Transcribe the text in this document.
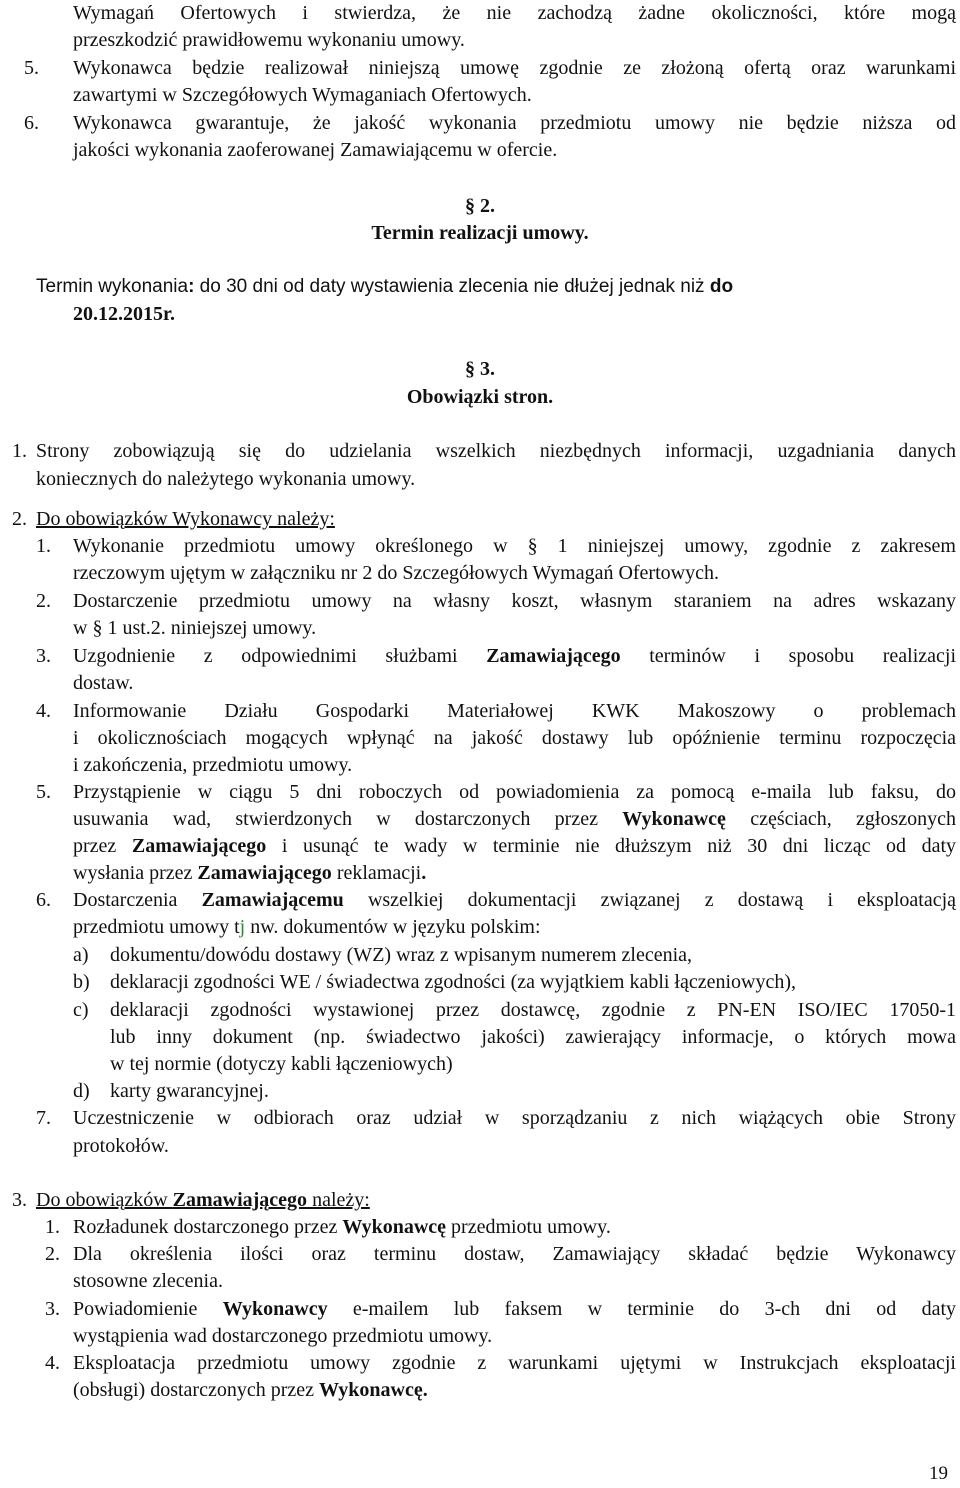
Wymagań Ofertowych i stwierdza, że nie zachodzą żadne okoliczności, które mogą
przeszkodzić prawidłowemu wykonaniu umowy.
5. Wykonawca będzie realizował niniejszą umowę zgodnie ze złożoną ofertą oraz warunkami
zawartymi w Szczegółowych Wymaganiach Ofertowych.
6. Wykonawca gwarantuje, że jakość wykonania przedmiotu umowy nie będzie niższa od
jakości wykonania zaoferowanej Zamawiającemu w ofercie.
§ 2.
Termin realizacji umowy.
Termin wykonania: do 30 dni od daty wystawienia zlecenia nie dłużej jednak niż do
20.12.2015r.
§ 3.
Obowiązki stron.
1. Strony zobowiązują się do udzielania wszelkich niezbędnych informacji, uzgadniania danych
koniecznych do należytego wykonania umowy.
2. Do obowiązków Wykonawcy należy:
1. Wykonanie przedmiotu umowy określonego w § 1 niniejszej umowy, zgodnie z zakresem
rzeczowym ujętym w załączniku nr 2 do Szczegółowych Wymagań Ofertowych.
2. Dostarczenie przedmiotu umowy na własny koszt, własnym staraniem na adres wskazany
w § 1 ust.2. niniejszej umowy.
3. Uzgodnienie z odpowiednimi służbami Zamawiającego terminów i sposobu realizacji
dostaw.
4. Informowanie Działu Gospodarki Materiałowej KWK Makoszowy o problemach
i okolicznościach mogących wpłynąć na jakość dostawy lub opóźnienie terminu rozpoczęcia
i zakończenia, przedmiotu umowy.
5. Przystąpienie w ciągu 5 dni roboczych od powiadomienia za pomocą e-maila lub faksu, do
usuwania wad, stwierdzonych w dostarczonych przez Wykonawcę częściach, zgłoszonych
przez Zamawiającego i usunąć te wady w terminie nie dłuższym niż 30 dni licząc od daty
wysłania przez Zamawiającego reklamacji.
6. Dostarczenia Zamawiającemu wszelkiej dokumentacji związanej z dostawą i eksploatacją
przedmiotu umowy tj nw. dokumentów w języku polskim:
a) dokumentu/dowódu dostawy (WZ) wraz z wpisanym numerem zlecenia,
b) deklaracji zgodności WE / świadectwa zgodności (za wyjątkiem kabli łączeniowych),
c) deklaracji zgodności wystawionej przez dostawcę, zgodnie z PN-EN ISO/IEC 17050-1
lub inny dokument (np. świadectwo jakości) zawierający informacje, o których mowa
w tej normie (dotyczy kabli łączeniowych)
d) karty gwarancyjnej.
7. Uczestniczenie w odbiorach oraz udział w sporządzaniu z nich wiążących obie Strony
protokołów.
3. Do obowiązków Zamawiającego należy:
1. Rozładunek dostarczonego przez Wykonawcę przedmiotu umowy.
2. Dla określenia ilości oraz terminu dostaw, Zamawiający składać będzie Wykonawcy
stosowne zlecenia.
3. Powiadomienie Wykonawcy e-mailem lub faksem w terminie do 3-ch dni od daty
wystąpienia wad dostarczonego przedmiotu umowy.
4. Eksploatacja przedmiotu umowy zgodnie z warunkami ujętymi w Instrukcjach eksploatacji
(obsługi) dostarczonych przez Wykonawcę.
19
